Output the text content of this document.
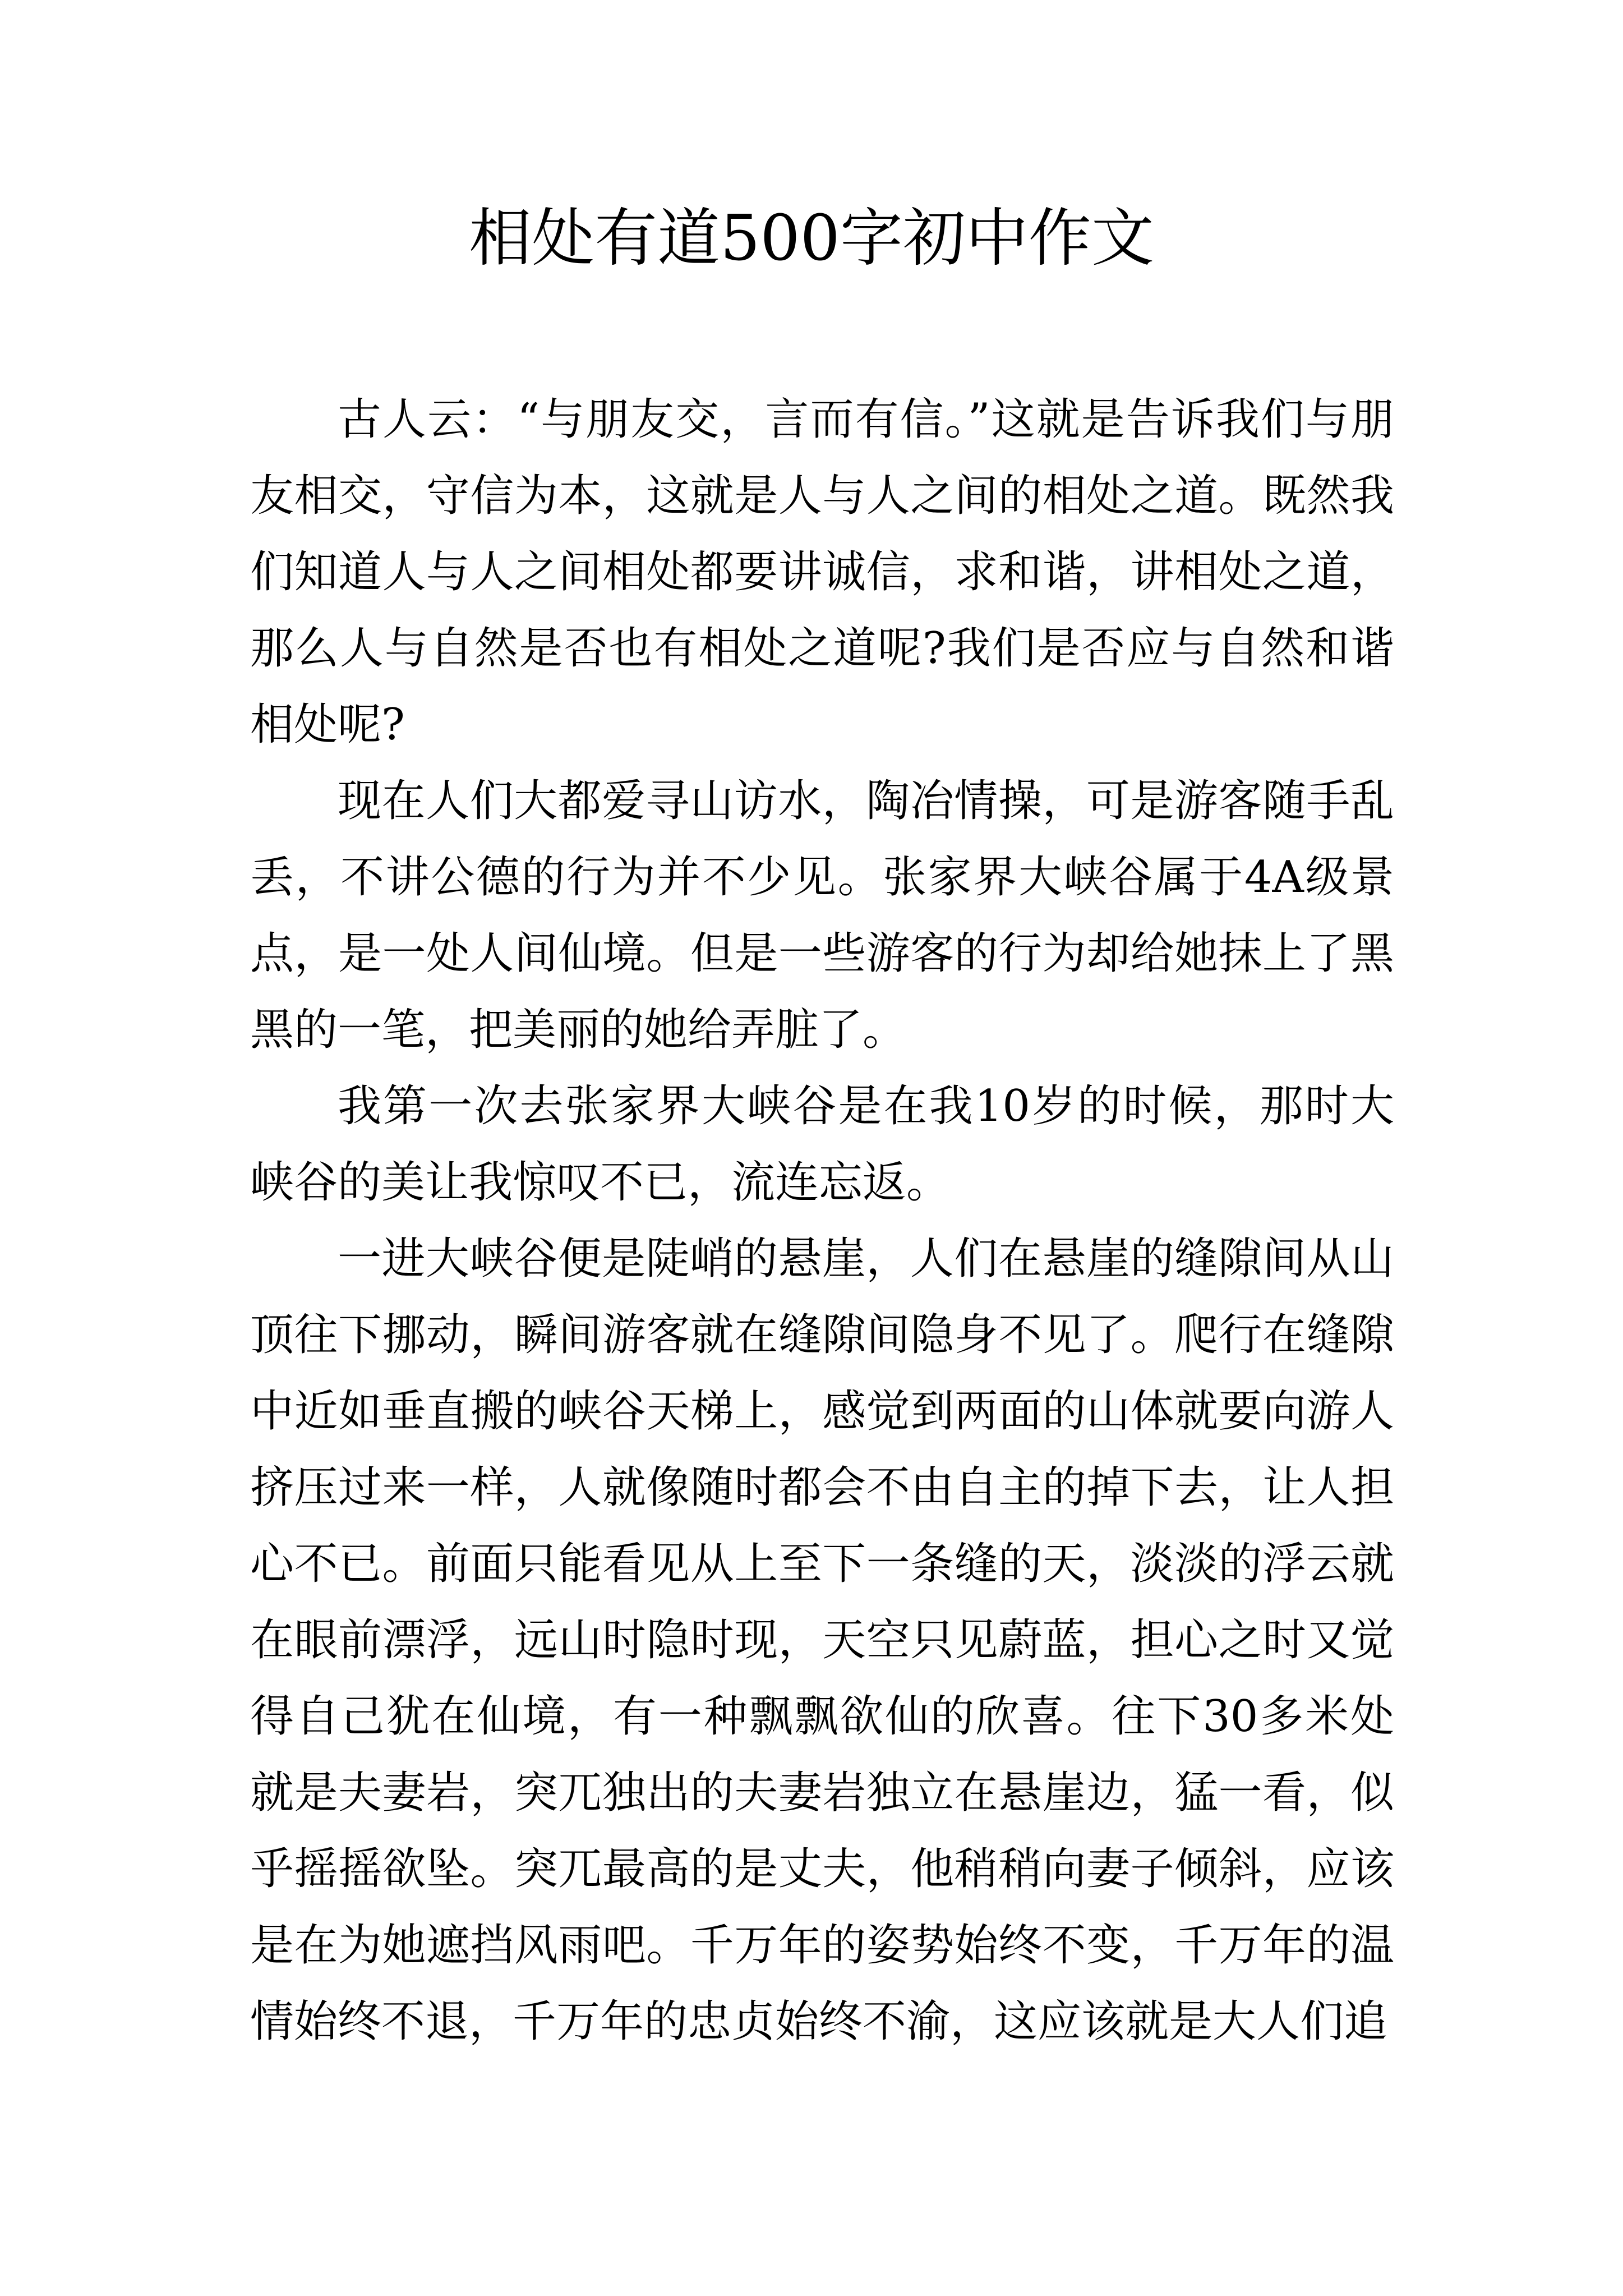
相处有道500字初中作文

古人云：“与朋友交，言而有信。”这就是告诉我们与朋友相交，守信为本，这就是人与人之间的相处之道。既然我们知道人与人之间相处都要讲诚信，求和谐，讲相处之道，那么人与自然是否也有相处之道呢?我们是否应与自然和谐相处呢?

现在人们大都爱寻山访水，陶冶情操，可是游客随手乱丢，不讲公德的行为并不少见。张家界大峡谷属于4A级景点，是一处人间仙境。但是一些游客的行为却给她抹上了黑黑的一笔，把美丽的她给弄脏了。

我第一次去张家界大峡谷是在我10岁的时候，那时大峡谷的美让我惊叹不已，流连忘返。

一进大峡谷便是陡峭的悬崖，人们在悬崖的缝隙间从山顶往下挪动，瞬间游客就在缝隙间隐身不见了。爬行在缝隙中近如垂直搬的峡谷天梯上，感觉到两面的山体就要向游人挤压过来一样，人就像随时都会不由自主的掉下去，让人担心不已。前面只能看见从上至下一条缝的天，淡淡的浮云就在眼前漂浮，远山时隐时现，天空只见蔚蓝，担心之时又觉得自己犹在仙境，有一种飘飘欲仙的欣喜。往下30多米处就是夫妻岩，突兀独出的夫妻岩独立在悬崖边，猛一看，似乎摇摇欲坠。突兀最高的是丈夫，他稍稍向妻子倾斜，应该是在为她遮挡风雨吧。千万年的姿势始终不变，千万年的温情始终不退，千万年的忠贞始终不渝，这应该就是大人们追
